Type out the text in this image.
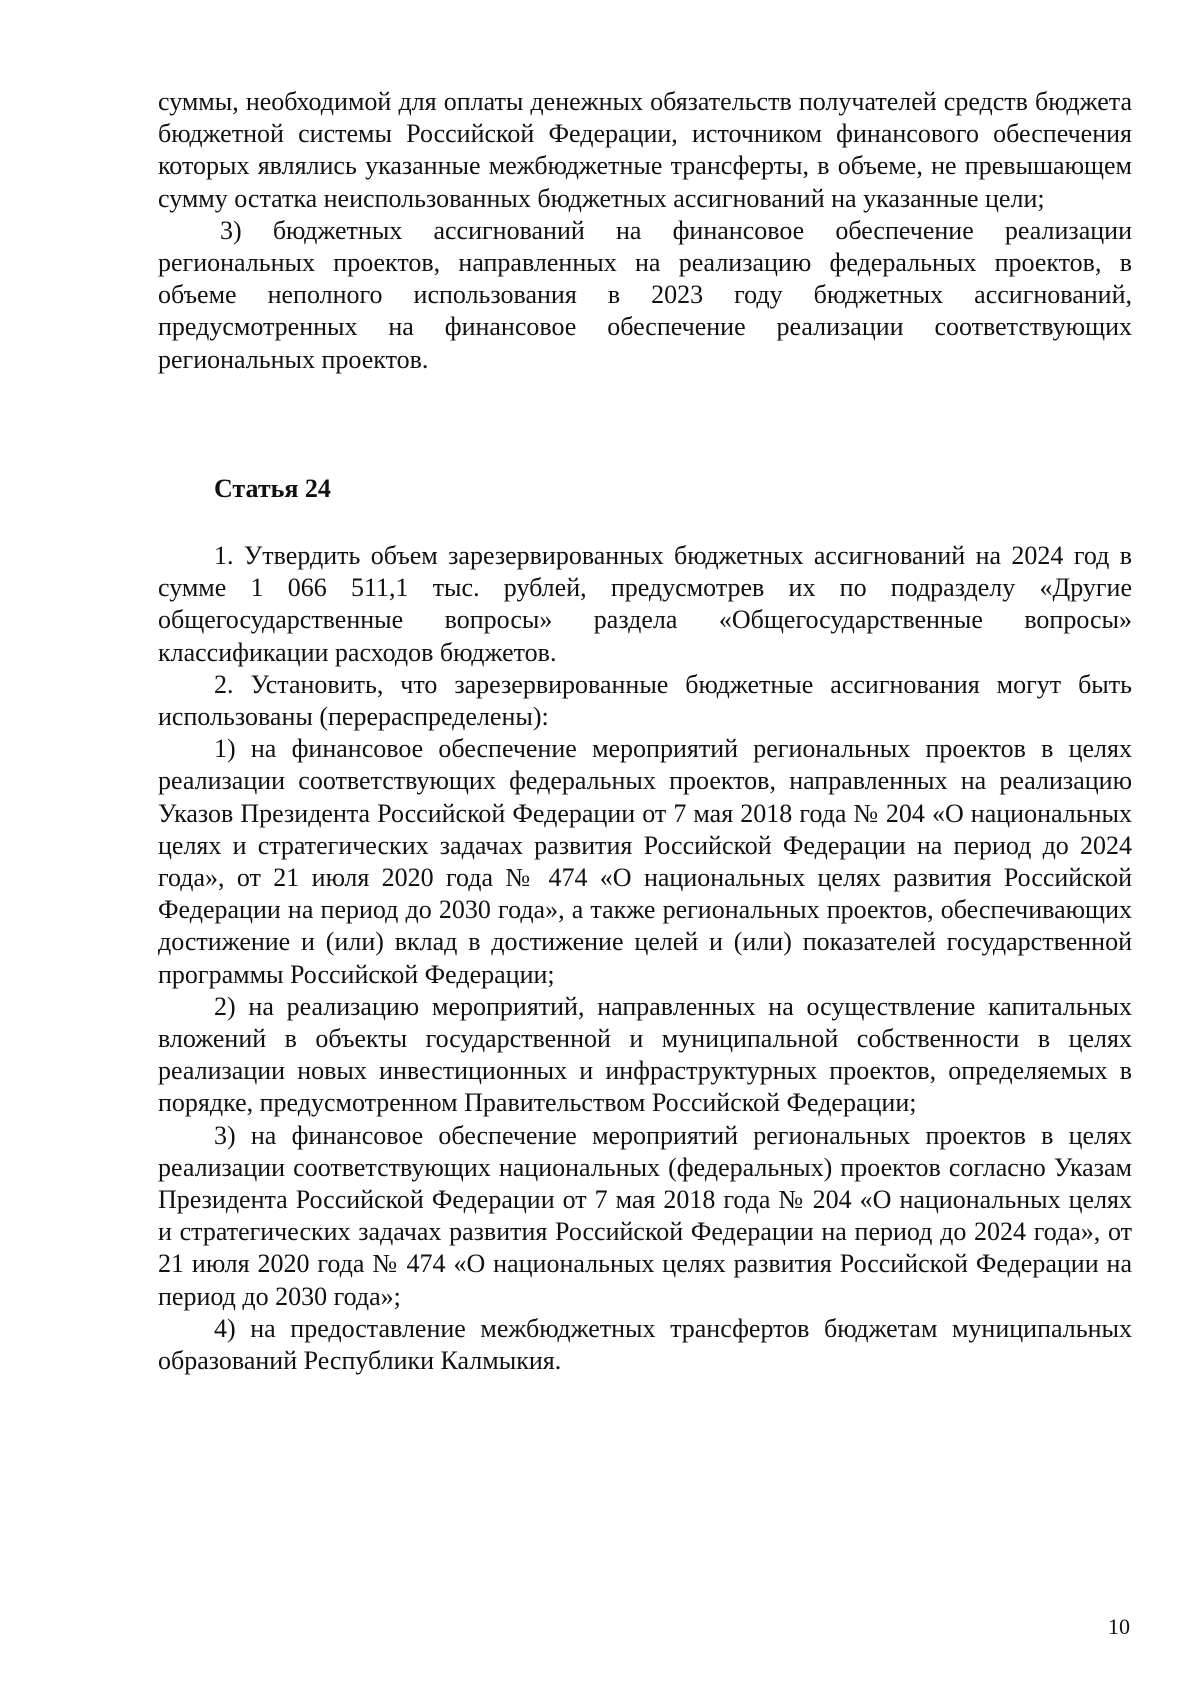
суммы, необходимой для оплаты денежных обязательств получателей средств бюджета бюджетной системы Российской Федерации, источником финансового обеспечения которых являлись указанные межбюджетные трансферты, в объеме, не превышающем сумму остатка неиспользованных бюджетных ассигнований на указанные цели;

3) бюджетных ассигнований на финансовое обеспечение реализации региональных проектов, направленных на реализацию федеральных проектов, в объеме неполного использования в 2023 году бюджетных ассигнований, предусмотренных на финансовое обеспечение реализации соответствующих региональных проектов.

Статья 24

1. Утвердить объем зарезервированных бюджетных ассигнований на 2024 год в сумме 1 066 511,1 тыс. рублей, предусмотрев их по подразделу «Другие общегосударственные вопросы» раздела «Общегосударственные вопросы» классификации расходов бюджетов.

2. Установить, что зарезервированные бюджетные ассигнования могут быть использованы (перераспределены):

1) на финансовое обеспечение мероприятий региональных проектов в целях реализации соответствующих федеральных проектов, направленных на реализацию Указов Президента Российской Федерации от 7 мая 2018 года № 204 «О национальных целях и стратегических задачах развития Российской Федерации на период до 2024 года», от 21 июля 2020 года № 474 «О национальных целях развития Российской Федерации на период до 2030 года», а также региональных проектов, обеспечивающих достижение и (или) вклад в достижение целей и (или) показателей государственной программы Российской Федерации;

2) на реализацию мероприятий, направленных на осуществление капитальных вложений в объекты государственной и муниципальной собственности в целях реализации новых инвестиционных и инфраструктурных проектов, определяемых в порядке, предусмотренном Правительством Российской Федерации;

3) на финансовое обеспечение мероприятий региональных проектов в целях реализации соответствующих национальных (федеральных) проектов согласно Указам Президента Российской Федерации от 7 мая 2018 года № 204 «О национальных целях и стратегических задачах развития Российской Федерации на период до 2024 года», от 21 июля 2020 года № 474 «О национальных целях развития Российской Федерации на период до 2030 года»;

4) на предоставление межбюджетных трансфертов бюджетам муниципальных образований Республики Калмыкия.

10
